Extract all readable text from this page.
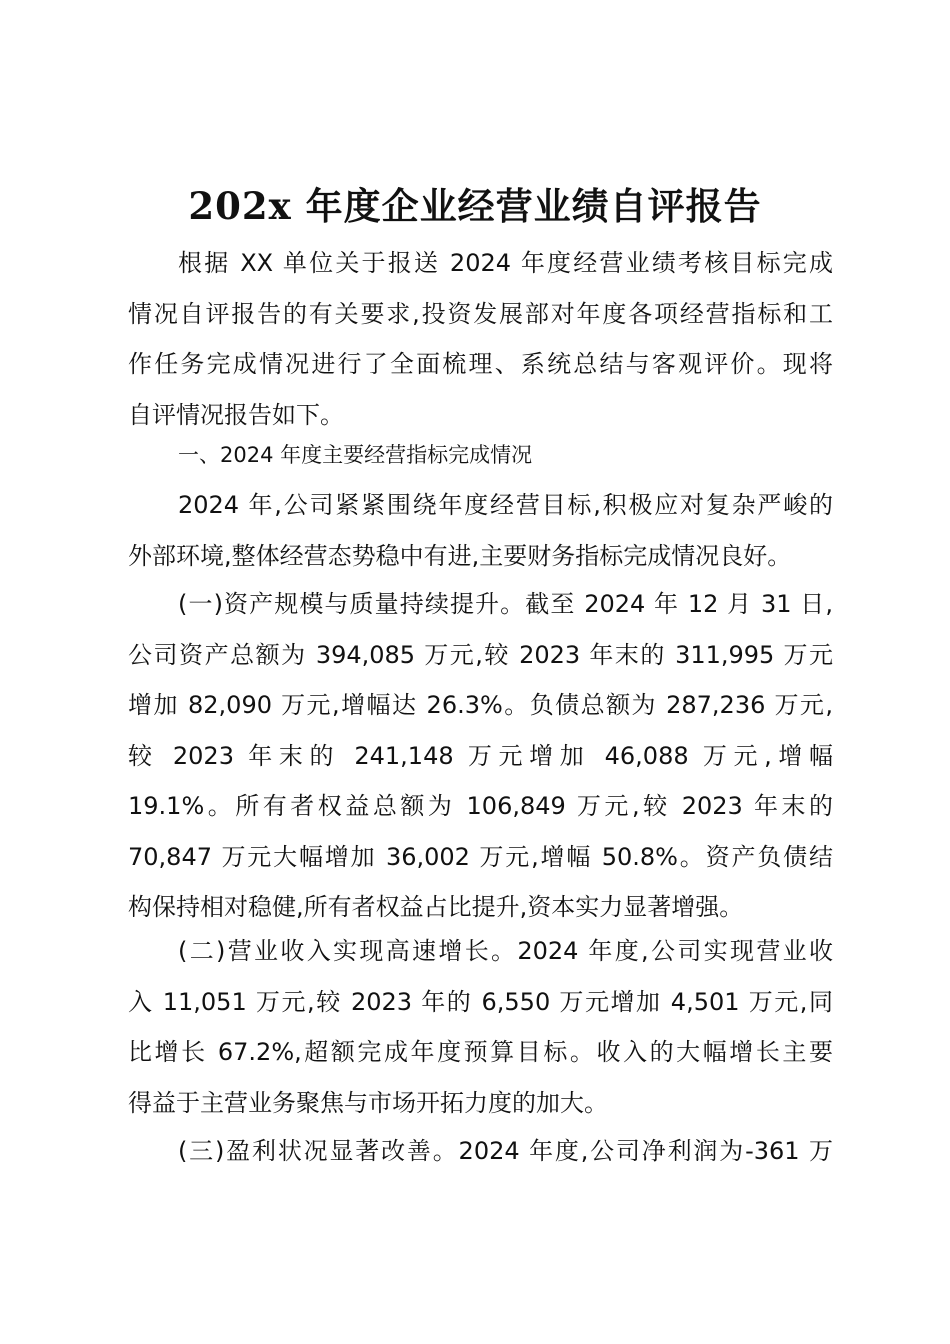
202x 年度企业经营业绩自评报告
根据 XX 单位关于报送 2024 年度经营业绩考核目标完成
情况自评报告的有关要求,投资发展部对年度各项经营指标和工
作任务完成情况进行了全面梳理、系统总结与客观评价。现将
自评情况报告如下。
一、2024 年度主要经营指标完成情况
2024 年,公司紧紧围绕年度经营目标,积极应对复杂严峻的
外部环境,整体经营态势稳中有进,主要财务指标完成情况良好。
(一)资产规模与质量持续提升。截至 2024 年 12 月 31 日,
公司资产总额为 394,085 万元,较 2023 年末的 311,995 万元
增加 82,090 万元,增幅达 26.3%。负债总额为 287,236 万元,
较 2023 年末的 241,148 万元增加 46,088 万元,增幅
19.1%。所有者权益总额为 106,849 万元,较 2023 年末的
70,847 万元大幅增加 36,002 万元,增幅 50.8%。资产负债结
构保持相对稳健,所有者权益占比提升,资本实力显著增强。
(二)营业收入实现高速增长。2024 年度,公司实现营业收
入 11,051 万元,较 2023 年的 6,550 万元增加 4,501 万元,同
比增长 67.2%,超额完成年度预算目标。收入的大幅增长主要
得益于主营业务聚焦与市场开拓力度的加大。
(三)盈利状况显著改善。2024 年度,公司净利润为-361 万
